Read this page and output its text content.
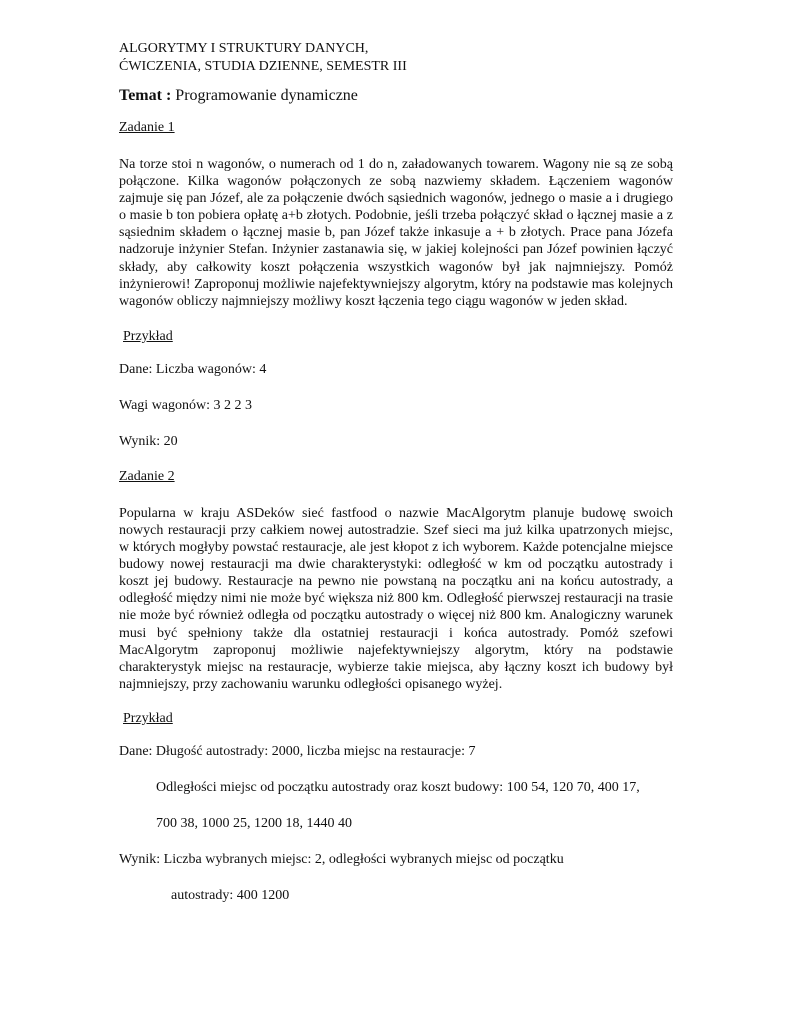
ALGORYTMY I STRUKTURY DANYCH,
ĆWICZENIA, STUDIA DZIENNE, SEMESTR III
Temat : Programowanie dynamiczne
Zadanie 1

Na torze stoi n wagonów, o numerach od 1 do n, załadowanych towarem. Wagony nie są ze sobą połączone. Kilka wagonów połączonych ze sobą nazwiemy składem. Łączeniem wagonów zajmuje się pan Józef, ale za połączenie dwóch sąsiednich wagonów, jednego o masie a i drugiego o masie b ton pobiera opłatę a+b złotych. Podobnie, jeśli trzeba połączyć skład o łącznej masie a z sąsiednim składem o łącznej masie b, pan Józef także inkasuje a + b złotych. Prace pana Józefa nadzoruje inżynier Stefan. Inżynier zastanawia się, w jakiej kolejności pan Józef powinien łączyć składy, aby całkowity koszt połączenia wszystkich wagonów był jak najmniejszy. Pomóż inżynierowi! Zaproponuj możliwie najefektywniejszy algorytm, który na podstawie mas kolejnych wagonów obliczy najmniejszy możliwy koszt łączenia tego ciągu wagonów w jeden skład.

Przykład
Dane: Liczba wagonów: 4
Wagi wagonów: 3 2 2 3
Wynik: 20
Zadanie 2

Popularna w kraju ASDeków sieć fastfood o nazwie MacAlgorytm planuje budowę swoich nowych restauracji przy całkiem nowej autostradzie. Szef sieci ma już kilka upatrzonych miejsc, w których mogłyby powstać restauracje, ale jest kłopot z ich wyborem. Każde potencjalne miejsce budowy nowej restauracji ma dwie charakterystyki: odległość w km od początku autostrady i koszt jej budowy. Restauracje na pewno nie powstaną na początku ani na końcu autostrady, a odległość między nimi nie może być większa niż 800 km. Odległość pierwszej restauracji na trasie nie może być również odległa od początku autostrady o więcej niż 800 km. Analogiczny warunek musi być spełniony także dla ostatniej restauracji i końca autostrady. Pomóż szefowi MacAlgorytm zaproponuj możliwie najefektywniejszy algorytm, który na podstawie charakterystyk miejsc na restauracje, wybierze takie miejsca, aby łączny koszt ich budowy był najmniejszy, przy zachowaniu warunku odległości opisanego wyżej.

Przykład
Dane: Długość autostrady: 2000, liczba miejsc na restauracje: 7
Odległości miejsc od początku autostrady oraz koszt budowy: 100 54, 120 70, 400 17,
700 38, 1000 25, 1200 18, 1440 40
Wynik: Liczba wybranych miejsc: 2, odległości wybranych miejsc od początku
autostrady: 400 1200
